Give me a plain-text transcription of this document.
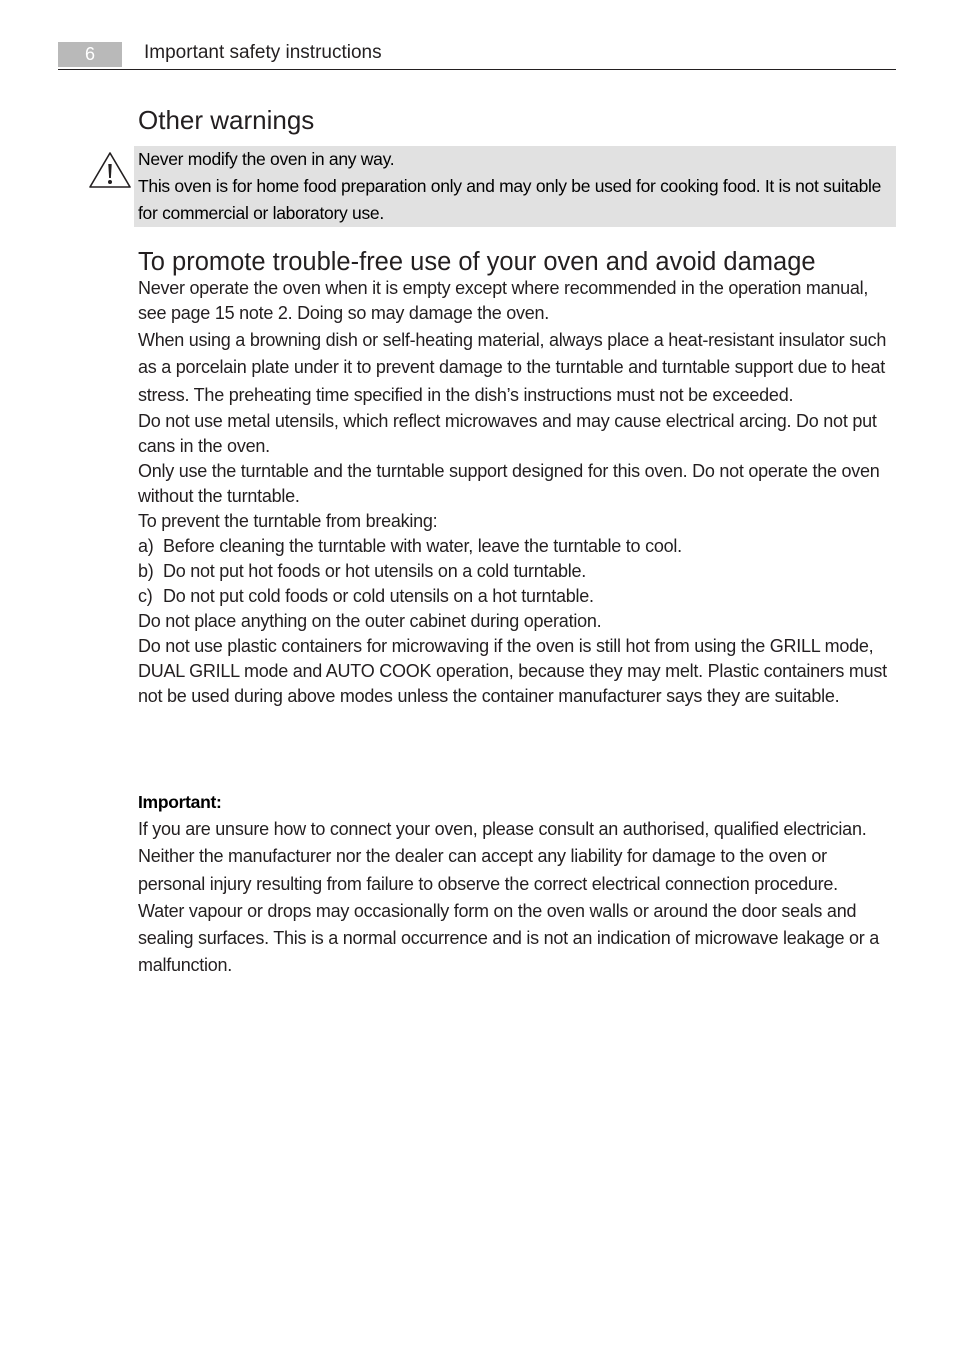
6	Important safety instructions
Other warnings

Never modify the oven in any way.

This oven is for home food preparation only and may only be used for cooking food. It is not suitable for commercial or laboratory use.

To promote trouble-free use of your oven and avoid damage

Never operate the oven when it is empty except where recommended in the operation manual, see page 15 note 2. Doing so may damage the oven.

When using a browning dish or self-heating material, always place a heat-resistant insulator such as a porcelain plate under it to prevent damage to the turntable and turntable support due to heat stress. The preheating time specified in the dish’s instructions must not be exceeded.

Do not use metal utensils, which reflect microwaves and may cause electrical arcing. Do not put cans in the oven.

Only use the turntable and the turntable support designed for this oven. Do not operate the oven without the turntable.

To prevent the turntable from breaking:

a) Before cleaning the turntable with water, leave the turntable to cool.
b) Do not put hot foods or hot utensils on a cold turntable.
c) Do not put cold foods or cold utensils on a hot turntable.

Do not place anything on the outer cabinet during operation.

Do not use plastic containers for microwaving if the oven is still hot from using the GRILL mode, DUAL GRILL mode and AUTO COOK operation, because they may melt. Plastic containers must not be used during above modes unless the container manufacturer says they are suitable.

Important:

If you are unsure how to connect your oven, please consult an authorised, qualified electrician.

Neither the manufacturer nor the dealer can accept any liability for damage to the oven or personal injury resulting from failure to observe the correct electrical connection procedure.

Water vapour or drops may occasionally form on the oven walls or around the door seals and sealing surfaces. This is a normal occurrence and is not an indication of microwave leakage or a malfunction.
